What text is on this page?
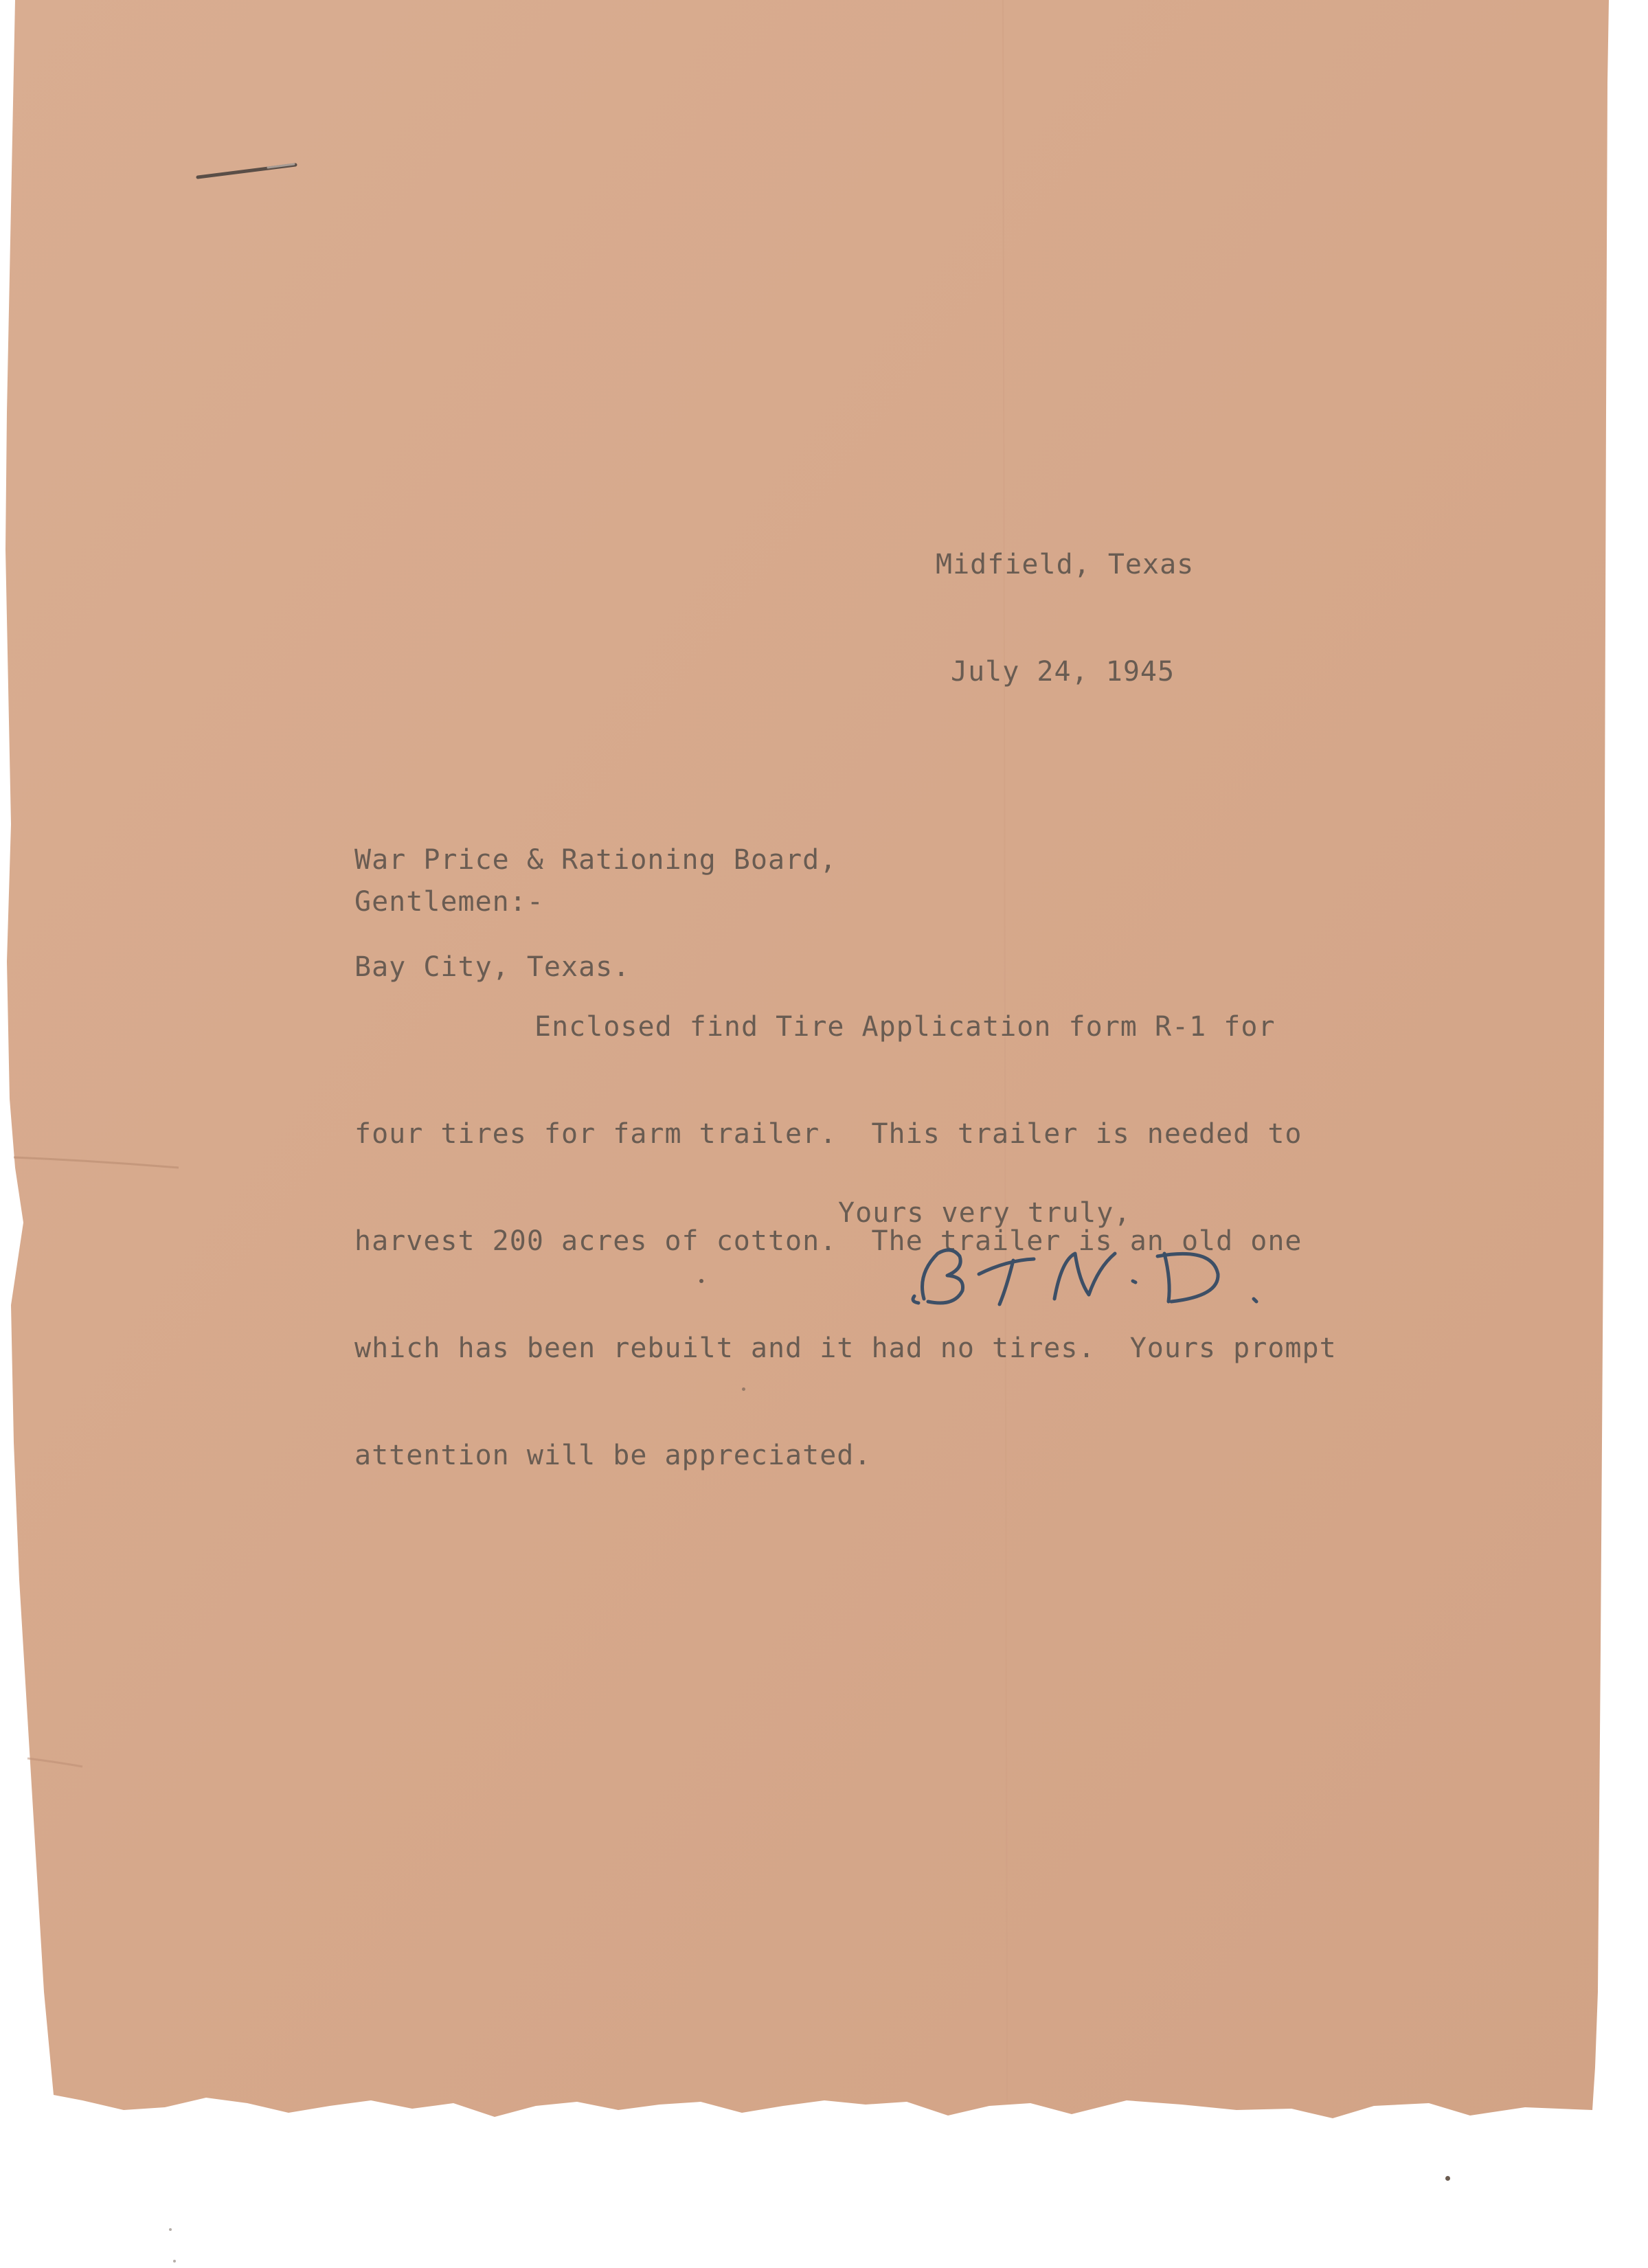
Midfield, Texas

July 24, 1945

War Price & Rationing Board,

Bay City, Texas.

Gentlemen:-

Enclosed find Tire Application form R-1 for

four tires for farm trailer.  This trailer is needed to

harvest 200 acres of cotton.  The trailer is an old one

which has been rebuilt and it had no tires.  Yours prompt

attention will be appreciated.

Yours very truly,
